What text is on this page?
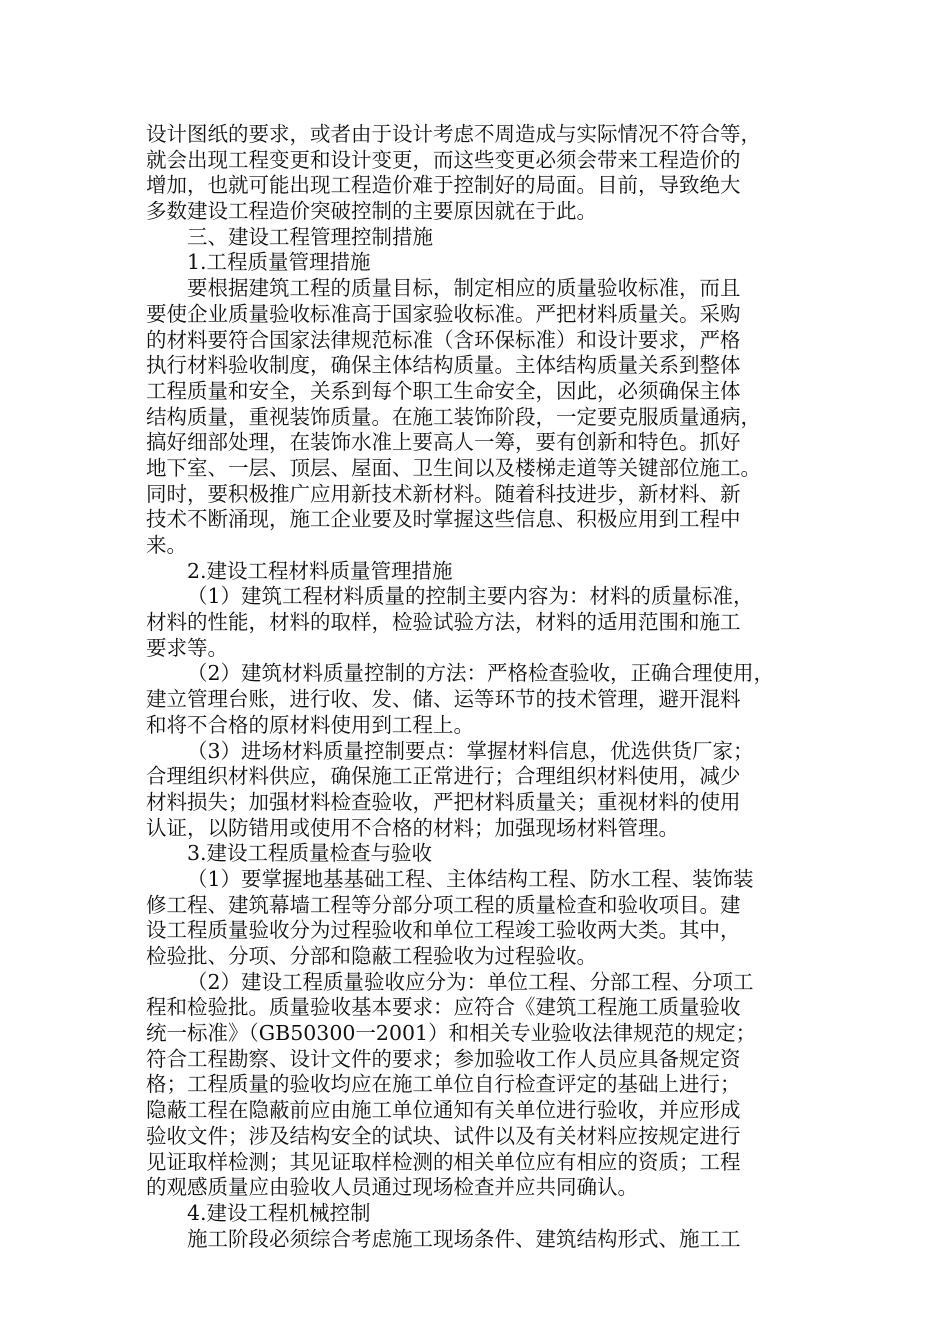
设计图纸的要求，或者由于设计考虑不周造成与实际情况不符合等，
就会出现工程变更和设计变更，而这些变更必须会带来工程造价的
增加，也就可能出现工程造价难于控制好的局面。目前，导致绝大
多数建设工程造价突破控制的主要原因就在于此。
三、建设工程管理控制措施
1.工程质量管理措施
要根据建筑工程的质量目标，制定相应的质量验收标准，而且
要使企业质量验收标准高于国家验收标准。严把材料质量关。采购
的材料要符合国家法律规范标准（含环保标准）和设计要求，严格
执行材料验收制度，确保主体结构质量。主体结构质量关系到整体
工程质量和安全，关系到每个职工生命安全，因此，必须确保主体
结构质量，重视装饰质量。在施工装饰阶段，一定要克服质量通病，
搞好细部处理，在装饰水准上要高人一筹，要有创新和特色。抓好
地下室、一层、顶层、屋面、卫生间以及楼梯走道等关键部位施工。
同时，要积极推广应用新技术新材料。随着科技进步，新材料、新
技术不断涌现，施工企业要及时掌握这些信息、积极应用到工程中
来。
2.建设工程材料质量管理措施
（1）建筑工程材料质量的控制主要内容为：材料的质量标准，
材料的性能，材料的取样，检验试验方法，材料的适用范围和施工
要求等。
（2）建筑材料质量控制的方法：严格检查验收，正确合理使用，
建立管理台账，进行收、发、储、运等环节的技术管理，避开混料
和将不合格的原材料使用到工程上。
（3）进场材料质量控制要点：掌握材料信息，优选供货厂家；
合理组织材料供应，确保施工正常进行；合理组织材料使用，减少
材料损失；加强材料检查验收，严把材料质量关；重视材料的使用
认证，以防错用或使用不合格的材料；加强现场材料管理。
3.建设工程质量检查与验收
（1）要掌握地基基础工程、主体结构工程、防水工程、装饰装
修工程、建筑幕墙工程等分部分项工程的质量检查和验收项目。建
设工程质量验收分为过程验收和单位工程竣工验收两大类。其中，
检验批、分项、分部和隐蔽工程验收为过程验收。
（2）建设工程质量验收应分为：单位工程、分部工程、分项工
程和检验批。质量验收基本要求：应符合《建筑工程施工质量验收
统一标准》（GB50300一2001）和相关专业验收法律规范的规定；
符合工程勘察、设计文件的要求；参加验收工作人员应具备规定资
格；工程质量的验收均应在施工单位自行检查评定的基础上进行；
隐蔽工程在隐蔽前应由施工单位通知有关单位进行验收，并应形成
验收文件；涉及结构安全的试块、试件以及有关材料应按规定进行
见证取样检测；其见证取样检测的相关单位应有相应的资质；工程
的观感质量应由验收人员通过现场检查并应共同确认。
4.建设工程机械控制
施工阶段必须综合考虑施工现场条件、建筑结构形式、施工工
